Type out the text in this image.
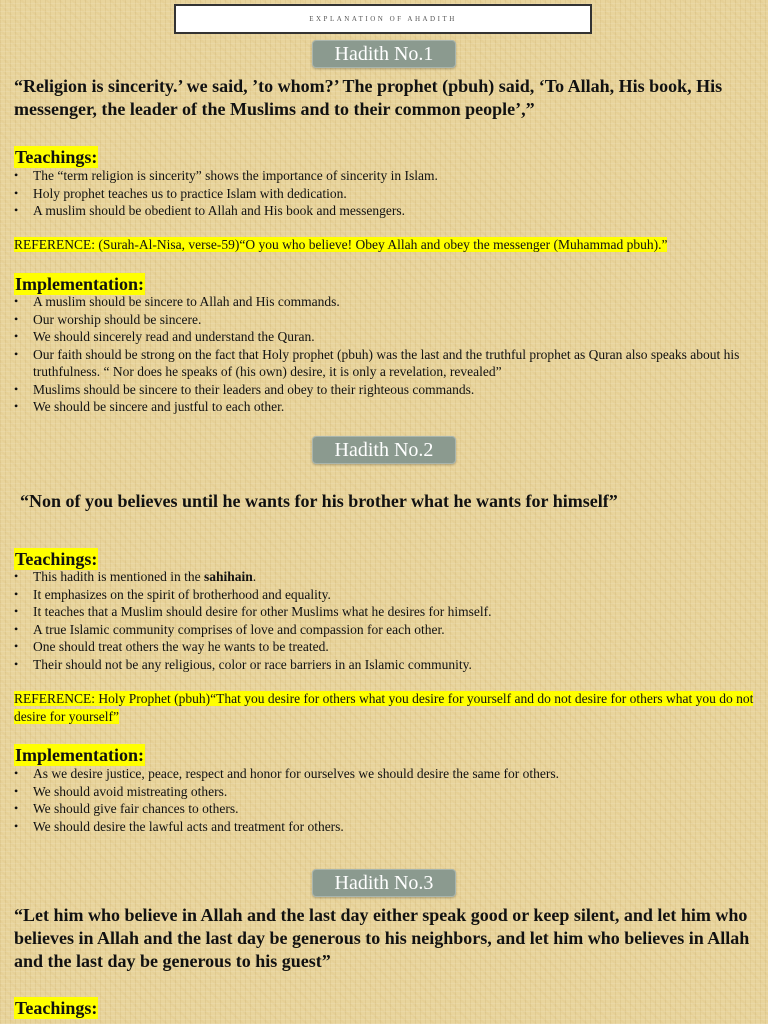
EXPLANATION OF AHADITH
Hadith No.1
“Religion is sincerity.’ we said, ’to whom?’ The prophet (pbuh) said, ‘To Allah, His book, His messenger, the leader of the Muslims and to their common people’,”
Teachings:
• The “term religion is sincerity” shows the importance of sincerity in Islam.
• Holy prophet teaches us to practice Islam with dedication.
• A muslim should be obedient to Allah and His book and messengers.
REFERENCE: (Surah-Al-Nisa, verse-59)“O you who believe! Obey Allah and obey the messenger (Muhammad pbuh).”
Implementation:
• A muslim should be sincere to Allah and His commands.
• Our worship should be sincere.
• We should sincerely read and understand the Quran.
• Our faith should be strong on the fact that Holy prophet (pbuh) was the last and the truthful prophet as Quran also speaks about his truthfulness. “ Nor does he speaks of (his own) desire, it is only a revelation, revealed”
• Muslims should be sincere to their leaders and obey to their righteous commands.
• We should be sincere and justful to each other.
Hadith No.2
“Non of you believes until he wants for his brother what he wants for himself”
Teachings:
• This hadith is mentioned in the sahihain.
• It emphasizes on the spirit of brotherhood and equality.
• It teaches that a Muslim should desire for other Muslims what he desires for himself.
• A true Islamic community comprises of love and compassion for each other.
• One should treat others the way he wants to be treated.
• Their should not be any religious, color or race barriers in an Islamic community.
REFERENCE: Holy Prophet (pbuh)“That you desire for others what you desire for yourself and do not desire for others what you do not desire for yourself”
Implementation:
• As we desire justice, peace, respect and honor for ourselves we should desire the same for others.
• We should avoid mistreating others.
• We should give fair chances to others.
• We should desire the lawful acts and treatment for others.
Hadith No.3
“Let him who believe in Allah and the last day either speak good or keep silent, and let him who believes in Allah and the last day be generous to his neighbors, and let him who believes in Allah and the last day be generous to his guest”
Teachings:
